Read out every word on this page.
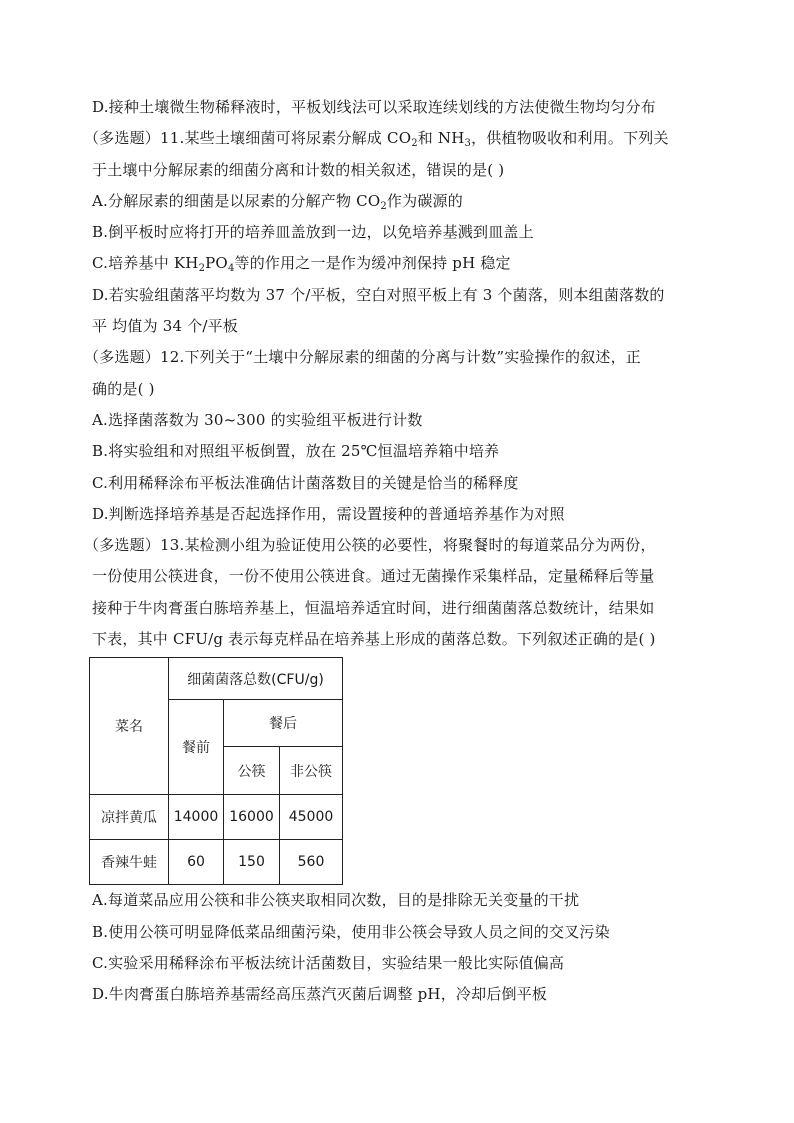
D.接种土壤微生物稀释液时，平板划线法可以采取连续划线的方法使微生物均匀分布
（多选题）11.某些土壤细菌可将尿素分解成 $CO_2$和 $NH_3$，供植物吸收和利用。下列关
于土壤中分解尿素的细菌分离和计数的相关叙述，错误的是( )
A.分解尿素的细菌是以尿素的分解产物 $CO_2$作为碳源的
B.倒平板时应将打开的培养皿盖放到一边，以免培养基溅到皿盖上
C.培养基中 $KH_2PO_4$等的作用之一是作为缓冲剂保持 pH 稳定
D.若实验组菌落平均数为 37 个/平板，空白对照平板上有 3 个菌落，则本组菌落数的
平 均值为 34 个/平板
（多选题）12.下列关于“土壤中分解尿素的细菌的分离与计数”实验操作的叙述，正
确的是( )
A.选择菌落数为 30~300 的实验组平板进行计数
B.将实验组和对照组平板倒置，放在 25℃恒温培养箱中培养
C.利用稀释涂布平板法准确估计菌落数目的关键是恰当的稀释度
D.判断选择培养基是否起选择作用，需设置接种的普通培养基作为对照
（多选题）13.某检测小组为验证使用公筷的必要性，将聚餐时的每道菜品分为两份，
一份使用公筷进食，一份不使用公筷进食。通过无菌操作采集样品，定量稀释后等量
接种于牛肉膏蛋白胨培养基上，恒温培养适宜时间，进行细菌菌落总数统计，结果如
下表，其中 CFU/g 表示每克样品在培养基上形成的菌落总数。下列叙述正确的是( )
菜名	细菌菌落总数(CFU/g)		
	餐前	餐后	
		公筷	非公筷
凉拌黄瓜	14000	16000	45000
香辣牛蛙	60	150	560
A.每道菜品应用公筷和非公筷夹取相同次数，目的是排除无关变量的干扰
B.使用公筷可明显降低菜品细菌污染，使用非公筷会导致人员之间的交叉污染
C.实验采用稀释涂布平板法统计活菌数目，实验结果一般比实际值偏高
D.牛肉膏蛋白胨培养基需经高压蒸汽灭菌后调整 pH，冷却后倒平板
